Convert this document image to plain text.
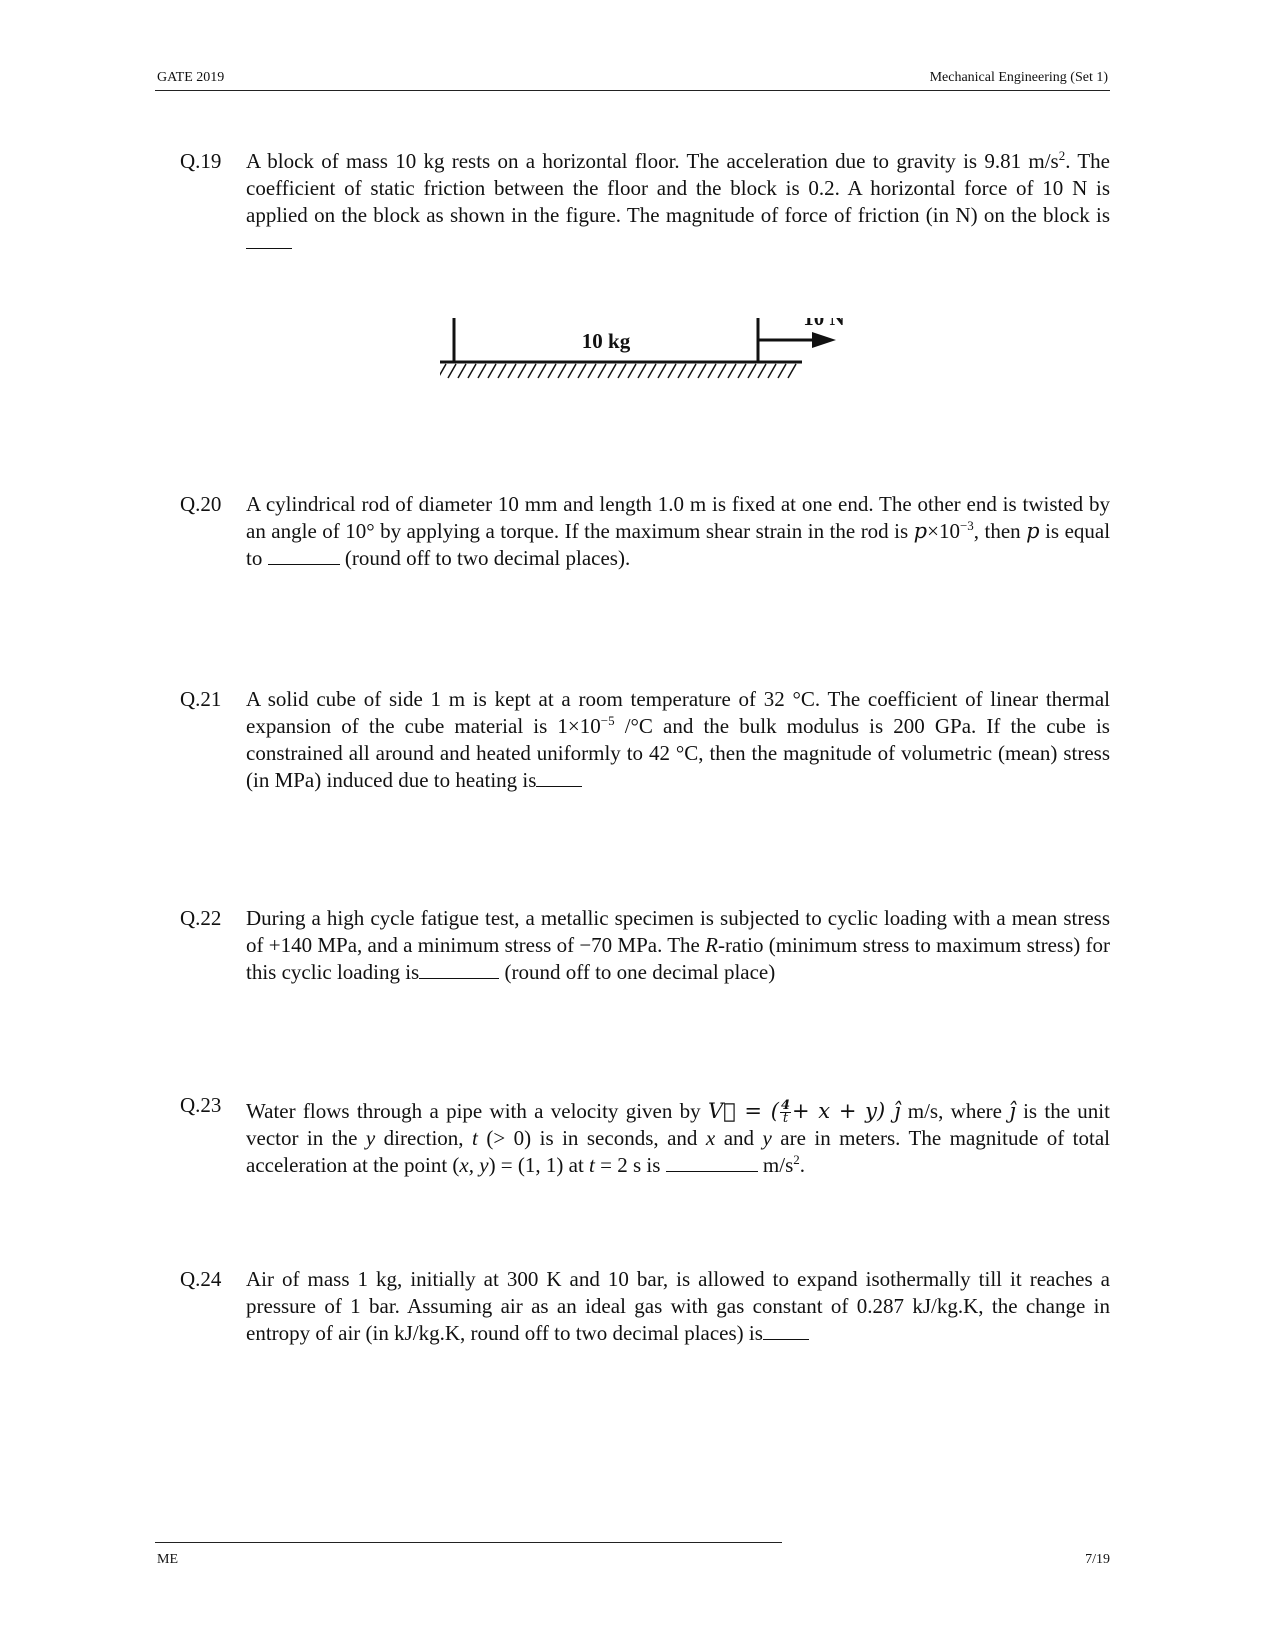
GATE 2019	Mechanical Engineering (Set 1)
Q.19	A block of mass 10 kg rests on a horizontal floor. The acceleration due to gravity is 9.81 $m/s^2$. The coefficient of static friction between the floor and the block is 0.2. A horizontal force of 10 N is applied on the block as shown in the figure. The magnitude of force of friction (in N) on the block is
10 kg
10 N
Q.20	A cylindrical rod of diameter 10 mm and length 1.0 m is fixed at one end. The other end is twisted by an angle of 10° by applying a torque. If the maximum shear strain in the rod is $p\times 10^{-3}$, then p is equal to	(round off to two decimal places).
Q.21	A solid cube of side 1 m is kept at a room temperature of 32 °C. The coefficient of linear thermal expansion of the cube material is $1\times 10^{-5}$ /°C and the bulk modulus is 200 GPa. If the cube is constrained all around and heated uniformly to 42 °C, then the magnitude of volumetric (mean) stress (in MPa) induced due to heating is
Q.22	During a high cycle fatigue test, a metallic specimen is subjected to cyclic loading with a mean stress of +140 MPa, and a minimum stress of −70 MPa. The R-ratio (minimum stress to maximum stress) for this cyclic loading is	(round off to one decimal place)
Q.23	Water flows through a pipe with a velocity given by V⃗ = ( $\frac{4}{t} + x + y$) ĵ m/s, where ĵ is the unit vector in the y direction, t (> 0) is in seconds, and x and y are in meters. The magnitude of total acceleration at the point (x, y) = (1, 1) at t = 2 s is	$m/s^2$.
Q.24	Air of mass 1 kg, initially at 300 K and 10 bar, is allowed to expand isothermally till it reaches a pressure of 1 bar. Assuming air as an ideal gas with gas constant of 0.287 kJ/kg.K, the change in entropy of air (in kJ/kg.K, round off to two decimal places) is
ME	7/19
